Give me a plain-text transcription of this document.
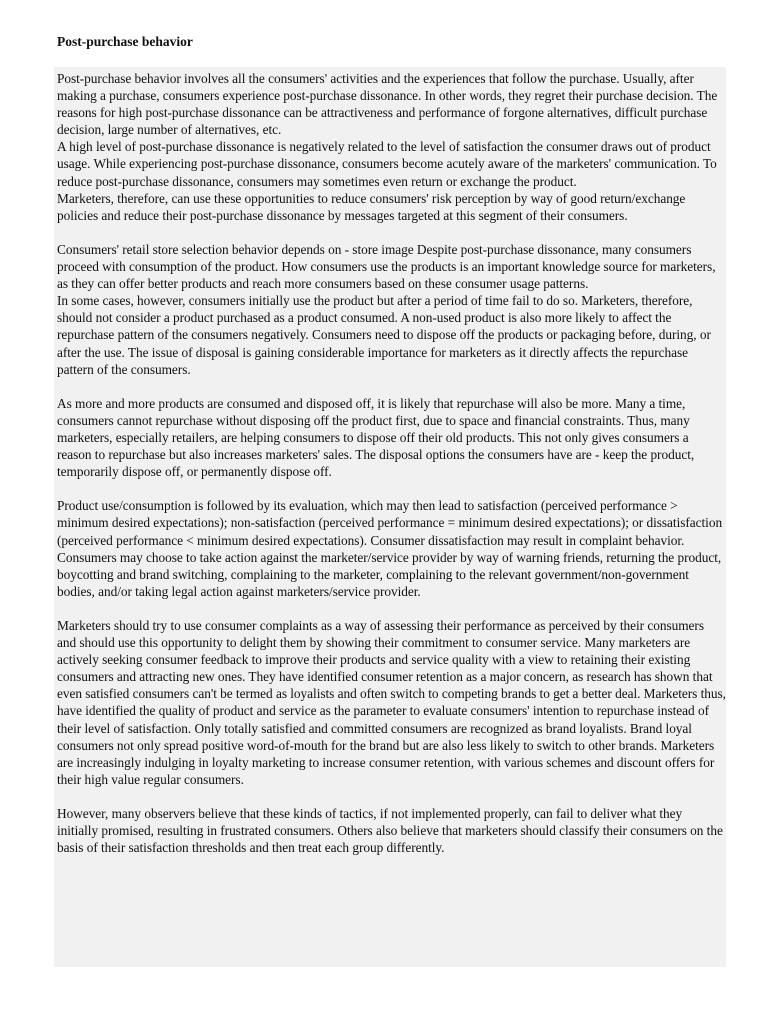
Post-purchase behavior

Post-purchase behavior involves all the consumers' activities and the experiences that follow the purchase. Usually, after making a purchase, consumers experience post-purchase dissonance. In other words, they regret their purchase decision. The reasons for high post-purchase dissonance can be attractiveness and performance of forgone alternatives, difficult purchase decision, large number of alternatives, etc.

A high level of post-purchase dissonance is negatively related to the level of satisfaction the consumer draws out of product usage. While experiencing post-purchase dissonance, consumers become acutely aware of the marketers' communication. To reduce post-purchase dissonance, consumers may sometimes even return or exchange the product.

Marketers, therefore, can use these opportunities to reduce consumers' risk perception by way of good return/exchange policies and reduce their post-purchase dissonance by messages targeted at this segment of their consumers.

Consumers' retail store selection behavior depends on - store image Despite post-purchase dissonance, many consumers proceed with consumption of the product. How consumers use the products is an important knowledge source for marketers, as they can offer better products and reach more consumers based on these consumer usage patterns.

In some cases, however, consumers initially use the product but after a period of time fail to do so. Marketers, therefore, should not consider a product purchased as a product consumed. A non-used product is also more likely to affect the repurchase pattern of the consumers negatively. Consumers need to dispose off the products or packaging before, during, or after the use. The issue of disposal is gaining considerable importance for marketers as it directly affects the repurchase pattern of the consumers.

As more and more products are consumed and disposed off, it is likely that repurchase will also be more. Many a time, consumers cannot repurchase without disposing off the product first, due to space and financial constraints. Thus, many marketers, especially retailers, are helping consumers to dispose off their old products. This not only gives consumers a reason to repurchase but also increases marketers' sales. The disposal options the consumers have are - keep the product, temporarily dispose off, or permanently dispose off.

Product use/consumption is followed by its evaluation, which may then lead to satisfaction (perceived performance > minimum desired expectations); non-satisfaction (perceived performance = minimum desired expectations); or dissatisfaction (perceived performance < minimum desired expectations). Consumer dissatisfaction may result in complaint behavior. Consumers may choose to take action against the marketer/service provider by way of warning friends, returning the product, boycotting and brand switching, complaining to the marketer, complaining to the relevant government/non-government bodies, and/or taking legal action against marketers/service provider.

Marketers should try to use consumer complaints as a way of assessing their performance as perceived by their consumers and should use this opportunity to delight them by showing their commitment to consumer service. Many marketers are actively seeking consumer feedback to improve their products and service quality with a view to retaining their existing consumers and attracting new ones. They have identified consumer retention as a major concern, as research has shown that even satisfied consumers can't be termed as loyalists and often switch to competing brands to get a better deal. Marketers thus, have identified the quality of product and service as the parameter to evaluate consumers' intention to repurchase instead of their level of satisfaction. Only totally satisfied and committed consumers are recognized as brand loyalists. Brand loyal consumers not only spread positive word-of-mouth for the brand but are also less likely to switch to other brands. Marketers are increasingly indulging in loyalty marketing to increase consumer retention, with various schemes and discount offers for their high value regular consumers.

However, many observers believe that these kinds of tactics, if not implemented properly, can fail to deliver what they initially promised, resulting in frustrated consumers. Others also believe that marketers should classify their consumers on the basis of their satisfaction thresholds and then treat each group differently.
